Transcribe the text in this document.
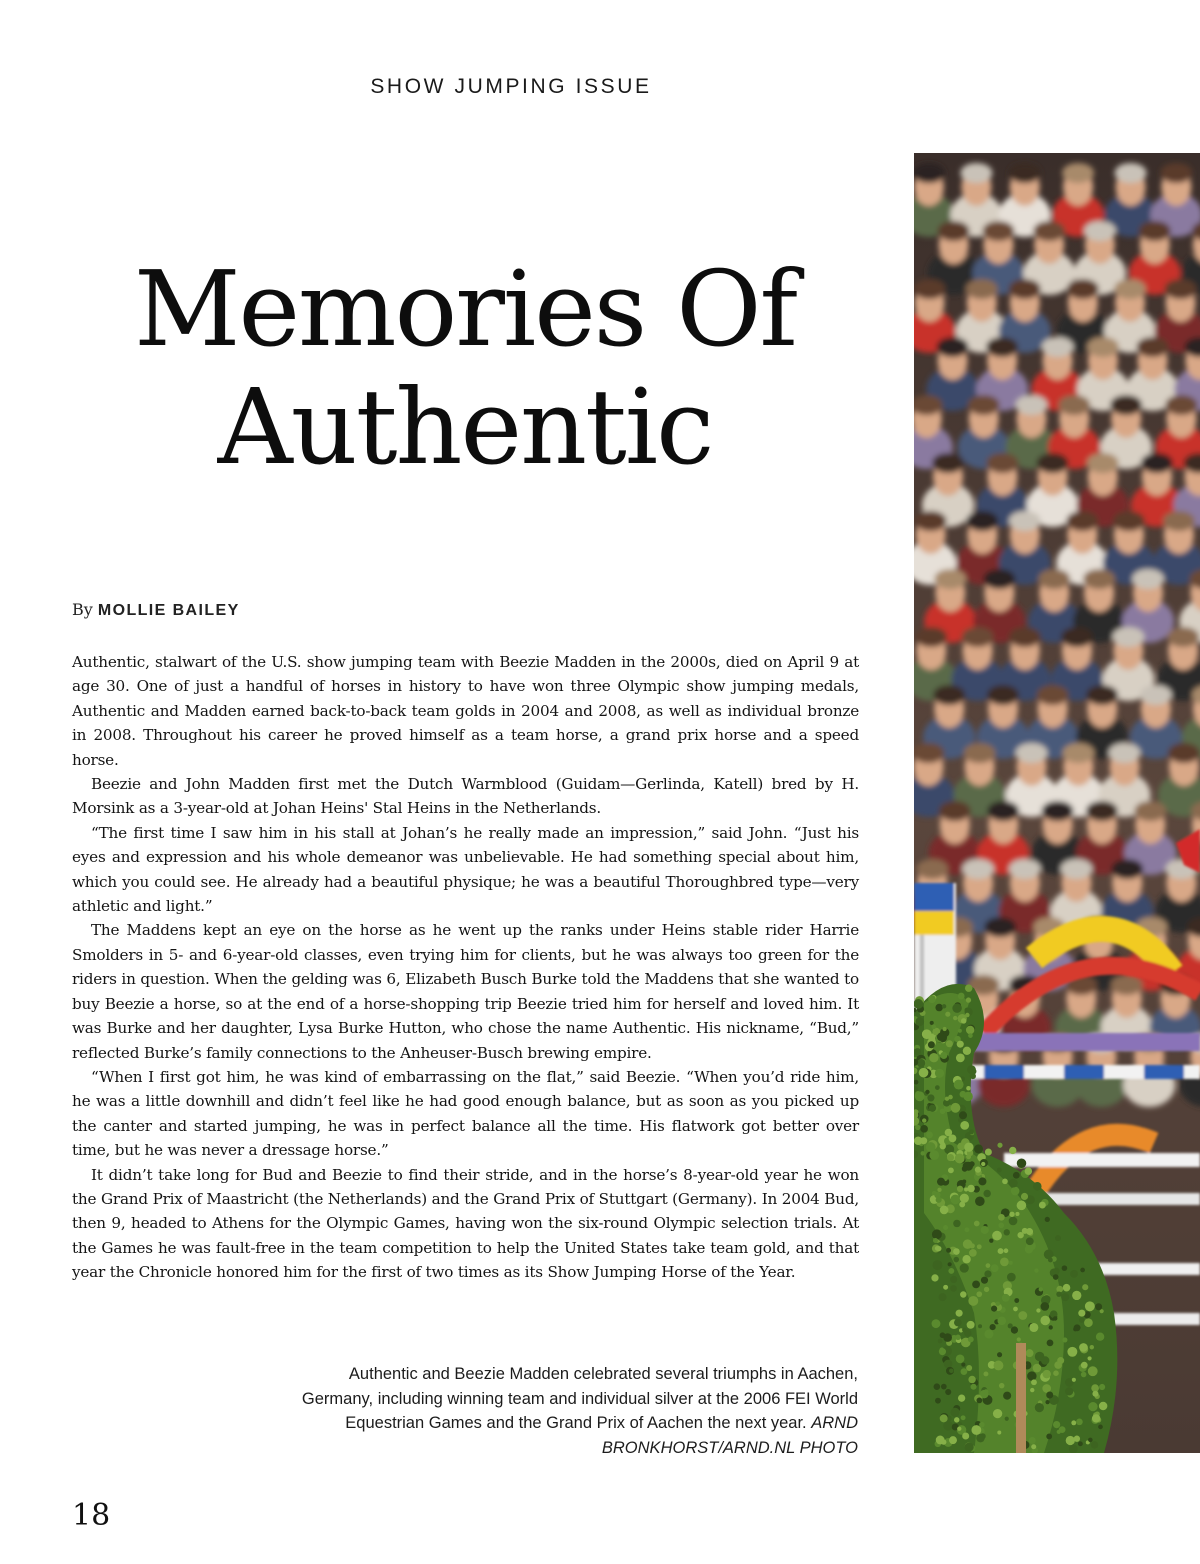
SHOW JUMPING ISSUE
Memories Of
Authentic
By MOLLIE BAILEY

Authentic, stalwart of the U.S. show jumping team with Beezie Madden in the 2000s, died on April 9 at age 30. One of just a handful of horses in history to have won three Olympic show jumping medals, Authentic and Madden earned back-to-back team golds in 2004 and 2008, as well as individual bronze in 2008. Throughout his career he proved himself as a team horse, a grand prix horse and a speed horse.

Beezie and John Madden first met the Dutch Warmblood (Guidam—Gerlinda, Katell) bred by H. Morsink as a 3-year-old at Johan Heins' Stal Heins in the Netherlands.

“The first time I saw him in his stall at Johan’s he really made an impression,” said John. “Just his eyes and expression and his whole demeanor was unbelievable. He had something special about him, which you could see. He already had a beautiful physique; he was a beautiful Thoroughbred type—very athletic and light.”

The Maddens kept an eye on the horse as he went up the ranks under Heins stable rider Harrie Smolders in 5- and 6-year-old classes, even trying him for clients, but he was always too green for the riders in question. When the gelding was 6, Elizabeth Busch Burke told the Maddens that she wanted to buy Beezie a horse, so at the end of a horse-shopping trip Beezie tried him for herself and loved him. It was Burke and her daughter, Lysa Burke Hutton, who chose the name Authentic. His nickname, “Bud,” reflected Burke’s family connections to the Anheuser-Busch brewing empire.

“When I first got him, he was kind of embarrassing on the flat,” said Beezie. “When you’d ride him, he was a little downhill and didn’t feel like he had good enough balance, but as soon as you picked up the canter and started jumping, he was in perfect balance all the time. His flatwork got better over time, but he was never a dressage horse.”

It didn’t take long for Bud and Beezie to find their stride, and in the horse’s 8-year-old year he won the Grand Prix of Maastricht (the Netherlands) and the Grand Prix of Stuttgart (Germany). In 2004 Bud, then 9, headed to Athens for the Olympic Games, having won the six-round Olympic selection trials. At the Games he was fault-free in the team competition to help the United States take team gold, and that year the Chronicle honored him for the first of two times as its Show Jumping Horse of the Year.

Authentic and Beezie Madden celebrated several triumphs in Aachen, Germany, including winning team and individual silver at the 2006 FEI World Equestrian Games and the Grand Prix of Aachen the next year. ARND BRONKHORST/ARND.NL PHOTO
18
